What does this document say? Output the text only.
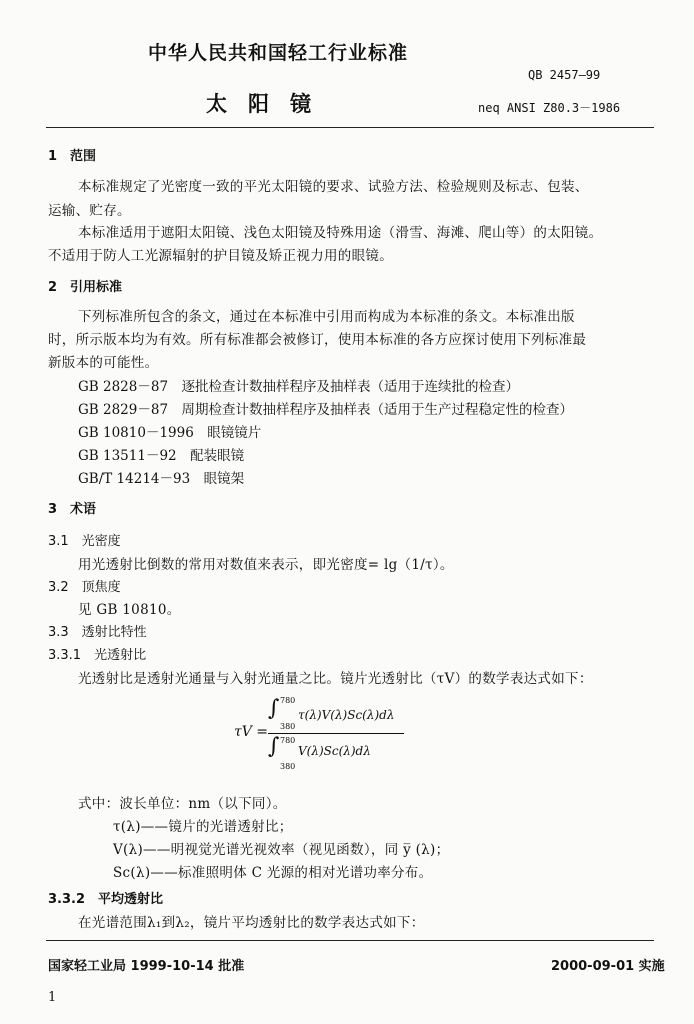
中华人民共和国轻工行业标准
QB 2457—99
太　阳　镜	neq ANSI Z80.3－1986
1　范围
本标准规定了光密度一致的平光太阳镜的要求、试验方法、检验规则及标志、包装、
运输、贮存。
本标准适用于遮阳太阳镜、浅色太阳镜及特殊用途（滑雪、海滩、爬山等）的太阳镜。
不适用于防人工光源辐射的护目镜及矫正视力用的眼镜。
2　引用标准
下列标准所包含的条文，通过在本标准中引用而构成为本标准的条文。本标准出版
时，所示版本均为有效。所有标准都会被修订，使用本标准的各方应探讨使用下列标准最
新版本的可能性。
GB 2828－87　逐批检查计数抽样程序及抽样表（适用于连续批的检查）
GB 2829－87　周期检查计数抽样程序及抽样表（适用于生产过程稳定性的检查）
GB 10810－1996　眼镜镜片
GB 13511－92　配装眼镜
GB/T 14214－93　眼镜架
3　术语
3.1　光密度
用光透射比倒数的常用对数值来表示，即光密度= lg（1/τ）。
3.2　顶焦度
见 GB 10810。
3.3　透射比特性
3.3.1　光透射比
光透射比是透射光通量与入射光通量之比。镜片光透射比（τV）的数学表达式如下：
τV =
∫ 780
380
τ(λ)V(λ)Sc(λ)dλ
∫ 780
380
V(λ)Sc(λ)dλ
式中：波长单位：nm（以下同）。
τ(λ)——镜片的光谱透射比；
V(λ)——明视觉光谱光视效率（视见函数），同 y̅ (λ)；
Sc(λ)——标准照明体 C 光源的相对光谱功率分布。
3.3.2　平均透射比
在光谱范围λ₁到λ₂，镜片平均透射比的数学表达式如下：
国家轻工业局 1999-10-14 批准	2000-09-01 实施
1
